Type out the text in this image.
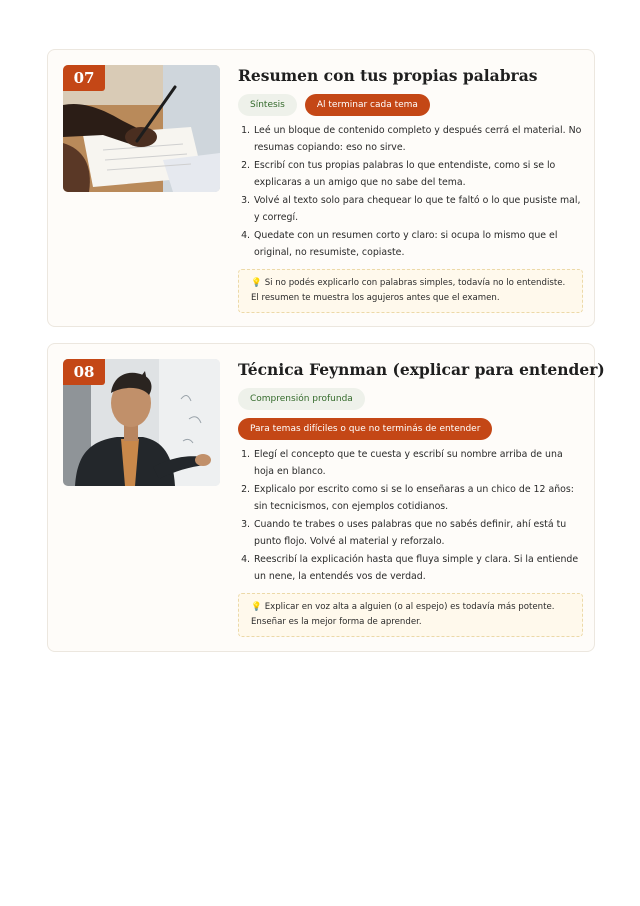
07	Resumen con tus propias palabras
Síntesis	Al terminar cada tema
1. Leé un bloque de contenido completo y después cerrá el material. No resumas copiando: eso no sirve.
2. Escribí con tus propias palabras lo que entendiste, como si se lo explicaras a un amigo que no sabe del tema.
3. Volvé al texto solo para chequear lo que te faltó o lo que pusiste mal, y corregí.
4. Quedate con un resumen corto y claro: si ocupa lo mismo que el original, no resumiste, copiaste.
💡 Si no podés explicarlo con palabras simples, todavía no lo entendiste. El resumen te muestra los agujeros antes que el examen.
08	Técnica Feynman (explicar para entender)
Comprensión profunda
Para temas difíciles o que no terminás de entender
1. Elegí el concepto que te cuesta y escribí su nombre arriba de una hoja en blanco.
2. Explicalo por escrito como si se lo enseñaras a un chico de 12 años: sin tecnicismos, con ejemplos cotidianos.
3. Cuando te trabes o uses palabras que no sabés definir, ahí está tu punto flojo. Volvé al material y reforzalo.
4. Reescribí la explicación hasta que fluya simple y clara. Si la entiende un nene, la entendés vos de verdad.
💡 Explicar en voz alta a alguien (o al espejo) es todavía más potente. Enseñar es la mejor forma de aprender.
